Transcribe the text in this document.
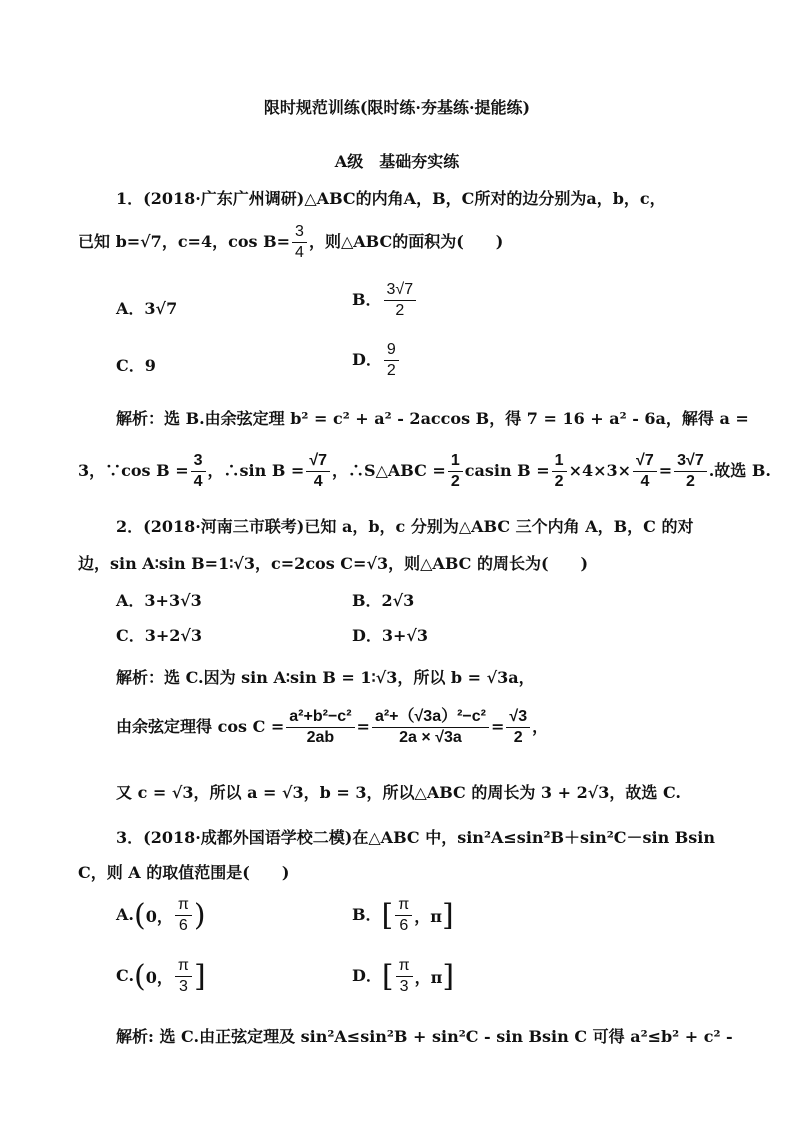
限时规范训练(限时练·夯基练·提能练)
A级　基础夯实练
1．(2018·广东广州调研)△ABC的内角A，B，C所对的边分别为a，b，c，
已知 b=√7，c=4，$\cos B= \frac{3}{4}$ ，则△ABC的面积为(　　)
A．3√7	B． $\frac{3√7}{2}$
C．9	D． $\frac{9}{2}$
解析：选 B.由余弦定理 b² = c² + a² - 2accos B，得 7 = 16 + a² - 6a，解得 a =
3，∵cos $B = \frac{3}{4}$ ，∴sin $B = \frac{√7}{4}$ ，∴S△ABC = $\frac{1}{2}$ casin $B = \frac{1}{2} \times 4\times 3\times \frac{√7}{4} = \frac{3√7}{2}$ .故选 B.
2．(2018·河南三市联考)已知 a，b，c 分别为△ABC 三个内角 A，B，C 的对
边，sin A∶sin B=1∶√3，c=2cos C=√3，则△ABC 的周长为(　　)
A．3+3√3	B．2√3
C．3+2√3	D．3+√3
解析：选 C.因为 sin A∶sin B = 1∶√3，所以 b = √3a，
由余弦定理得 $\cos C = \frac{\text{a²+b²−c²}}{2ab} = \frac{\text{a²+（√3a）²−c²}}{2a \times √3a} = \frac{√3}{2}$ ，
又 c = √3，所以 a = √3，b = 3，所以△ABC 的周长为 3 + 2√3，故选 C.
3．(2018·成都外国语学校二模)在△ABC 中，sin²A≤sin²B＋sin²C－sin Bsin
C，则 A 的取值范围是(　　)
A.(0， $\frac{\pi}{6}$ )	B．[ $\frac{\pi}{6}$ ，π]
C.(0， $\frac{\pi}{3}$ ]	D．[ $\frac{\pi}{3}$ ，π]
解析: 选 C.由正弦定理及 sin²A≤sin²B + sin²C - sin Bsin C 可得 a²≤b² + c² -
